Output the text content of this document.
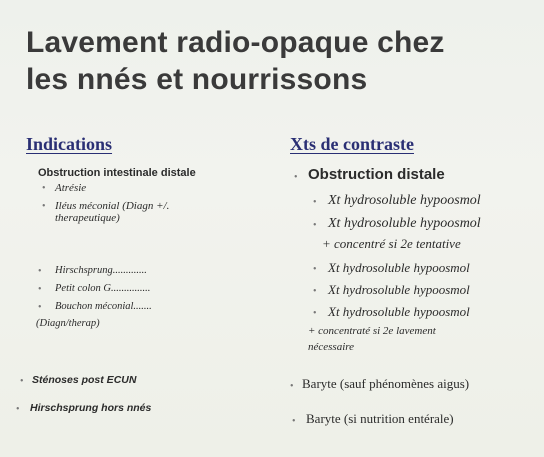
Lavement radio-opaque chez
les nnés et nourrissons
Indications
Obstruction intestinale distale
• Atrésie
• Iléus méconial (Diagn +/.
therapeutique)
• Hirschsprung.............
• Petit colon G...............
• Bouchon méconial.......
(Diagn/therap)
• Sténoses post ECUN
• Hirschsprung hors nnés
Xts de contraste
• Obstruction distale
• Xt hydrosoluble hypoosmol
• Xt hydrosoluble hypoosmol
+ concentré si 2e tentative
• Xt hydrosoluble hypoosmol
• Xt hydrosoluble hypoosmol
• Xt hydrosoluble hypoosmol
+ concentraté si 2e lavement
nécessaire
• Baryte (sauf phénomènes aigus)
• Baryte (si nutrition entérale)
